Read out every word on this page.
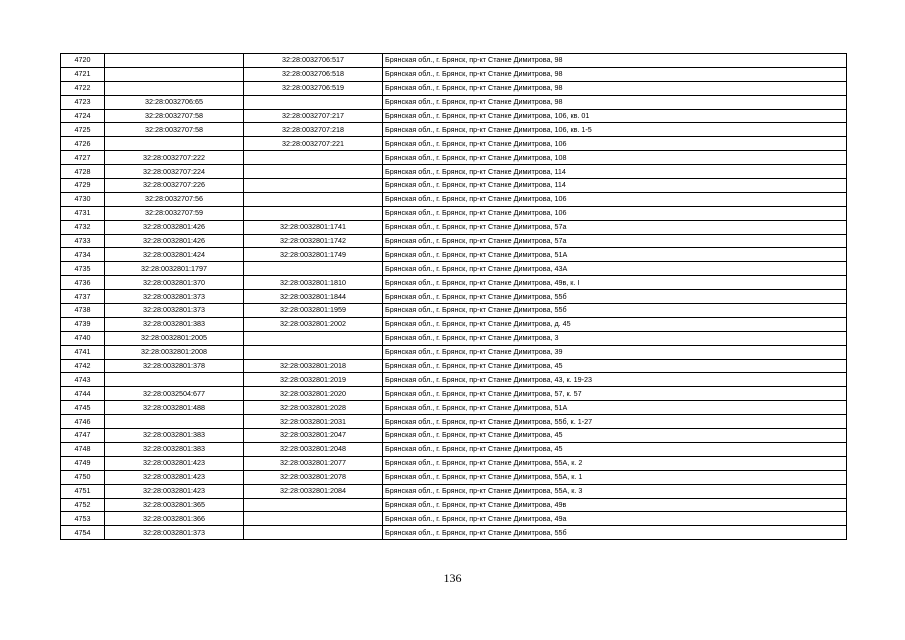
4720		32:28:0032706:517	Брянская обл., г. Брянск, пр-кт Станке Димитрова, 98
4721		32:28:0032706:518	Брянская обл., г. Брянск, пр-кт Станке Димитрова, 98
4722		32:28:0032706:519	Брянская обл., г. Брянск, пр-кт Станке Димитрова, 98
4723	32:28:0032706:65		Брянская обл., г. Брянск, пр-кт Станке Димитрова, 98
4724	32:28:0032707:58	32:28:0032707:217	Брянская обл., г. Брянск, пр-кт Станке Димитрова, 106, кв. 01
4725	32:28:0032707:58	32:28:0032707:218	Брянская обл., г. Брянск, пр-кт Станке Димитрова, 106, кв. 1-5
4726		32:28:0032707:221	Брянская обл., г. Брянск, пр-кт Станке Димитрова, 106
4727	32:28:0032707:222		Брянская обл., г. Брянск, пр-кт Станке Димитрова, 108
4728	32:28:0032707:224		Брянская обл., г. Брянск, пр-кт Станке Димитрова, 114
4729	32:28:0032707:226		Брянская обл., г. Брянск, пр-кт Станке Димитрова, 114
4730	32:28:0032707:56		Брянская обл., г. Брянск, пр-кт Станке Димитрова, 106
4731	32:28:0032707:59		Брянская обл., г. Брянск, пр-кт Станке Димитрова, 106
4732	32:28:0032801:426	32:28:0032801:1741	Брянская обл., г. Брянск, пр-кт Станке Димитрова, 57а
4733	32:28:0032801:426	32:28:0032801:1742	Брянская обл., г. Брянск, пр-кт Станке Димитрова, 57а
4734	32:28:0032801:424	32:28:0032801:1749	Брянская обл., г. Брянск, пр-кт Станке Димитрова, 51А
4735	32:28:0032801:1797		Брянская обл., г. Брянск, пр-кт Станке Димитрова, 43А
4736	32:28:0032801:370	32:28:0032801:1810	Брянская обл., г. Брянск, пр-кт Станке Димитрова, 49в, к. I
4737	32:28:0032801:373	32:28:0032801:1844	Брянская обл., г. Брянск, пр-кт Станке Димитрова, 55б
4738	32:28:0032801:373	32:28:0032801:1959	Брянская обл., г. Брянск, пр-кт Станке Димитрова, 55б
4739	32:28:0032801:383	32:28:0032801:2002	Брянская обл., г. Брянск, пр-кт Станке Димитрова, д. 45
4740	32:28:0032801:2005		Брянская обл., г. Брянск, пр-кт Станке Димитрова, 3
4741	32:28:0032801:2008		Брянская обл., г. Брянск, пр-кт Станке Димитрова, 39
4742	32:28:0032801:378	32:28:0032801:2018	Брянская обл., г. Брянск, пр-кт Станке Димитрова, 45
4743		32:28:0032801:2019	Брянская обл., г. Брянск, пр-кт Станке Димитрова, 43, к. 19-23
4744	32:28:0032504:677	32:28:0032801:2020	Брянская обл., г. Брянск, пр-кт Станке Димитрова, 57, к. 57
4745	32:28:0032801:488	32:28:0032801:2028	Брянская обл., г. Брянск, пр-кт Станке Димитрова, 51А
4746		32:28:0032801:2031	Брянская обл., г. Брянск, пр-кт Станке Димитрова, 55б, к. 1-27
4747	32:28:0032801:383	32:28:0032801:2047	Брянская обл., г. Брянск, пр-кт Станке Димитрова, 45
4748	32:28:0032801:383	32:28:0032801:2048	Брянская обл., г. Брянск, пр-кт Станке Димитрова, 45
4749	32:28:0032801:423	32:28:0032801:2077	Брянская обл., г. Брянск, пр-кт Станке Димитрова, 55А, к. 2
4750	32:28:0032801:423	32:28:0032801:2078	Брянская обл., г. Брянск, пр-кт Станке Димитрова, 55А, к. 1
4751	32:28:0032801:423	32:28:0032801:2084	Брянская обл., г. Брянск, пр-кт Станке Димитрова, 55А, к. 3
4752	32:28:0032801:365		Брянская обл., г. Брянск, пр-кт Станке Димитрова, 49в
4753	32:28:0032801:366		Брянская обл., г. Брянск, пр-кт Станке Димитрова, 49а
4754	32:28:0032801:373		Брянская обл., г. Брянск, пр-кт Станке Димитрова, 55б
136
